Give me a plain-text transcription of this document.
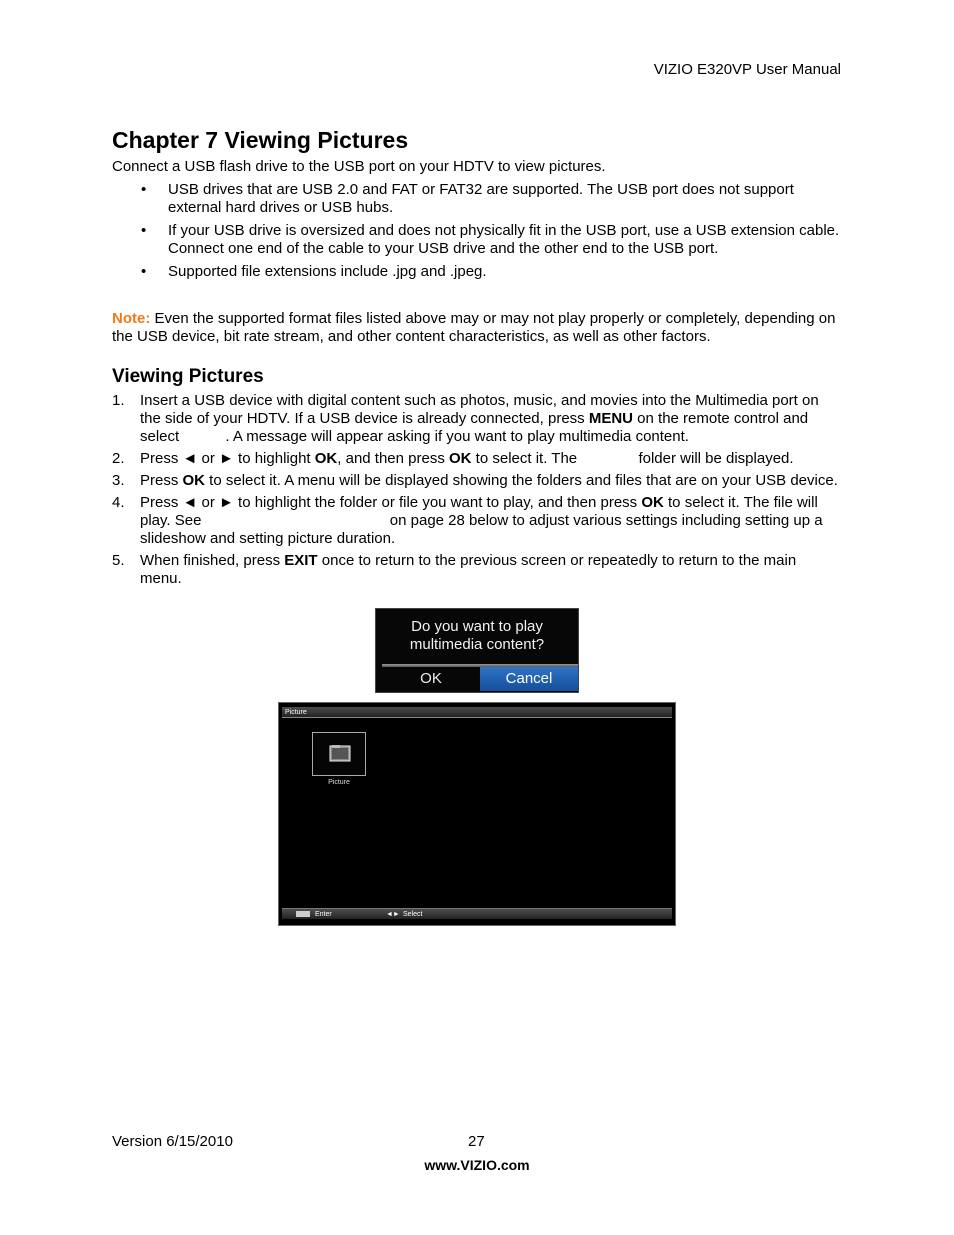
VIZIO E320VP User Manual
Chapter 7 Viewing Pictures

Connect a USB flash drive to the USB port on your HDTV to view pictures.

• USB drives that are USB 2.0 and FAT or FAT32 are supported. The USB port does not support external hard drives or USB hubs.
• If your USB drive is oversized and does not physically fit in the USB port, use a USB extension cable. Connect one end of the cable to your USB drive and the other end to the USB port.
• Supported file extensions include .jpg and .jpeg.

Note: Even the supported format files listed above may or may not play properly or completely, depending on the USB device, bit rate stream, and other content characteristics, as well as other factors.

Viewing Pictures
1. Insert a USB device with digital content such as photos, music, and movies into the Multimedia port on the side of your HDTV. If a USB device is already connected, press MENU on the remote control and select	. A message will appear asking if you want to play multimedia content.
2. Press ◄ or ► to highlight OK, and then press OK to select it. The	folder will be displayed.
3. Press OK to select it. A menu will be displayed showing the folders and files that are on your USB device.
4. Press ◄ or ► to highlight the folder or file you want to play, and then press OK to select it. The file will play. See	on page 28 below to adjust various settings including setting up a slideshow and setting picture duration.
5. When finished, press EXIT once to return to the previous screen or repeatedly to return to the main menu.
Do you want to play multimedia content?
OK	Cancel
Picture
Picture
Enter	◄► Select
Version 6/15/2010	27
www.VIZIO.com
